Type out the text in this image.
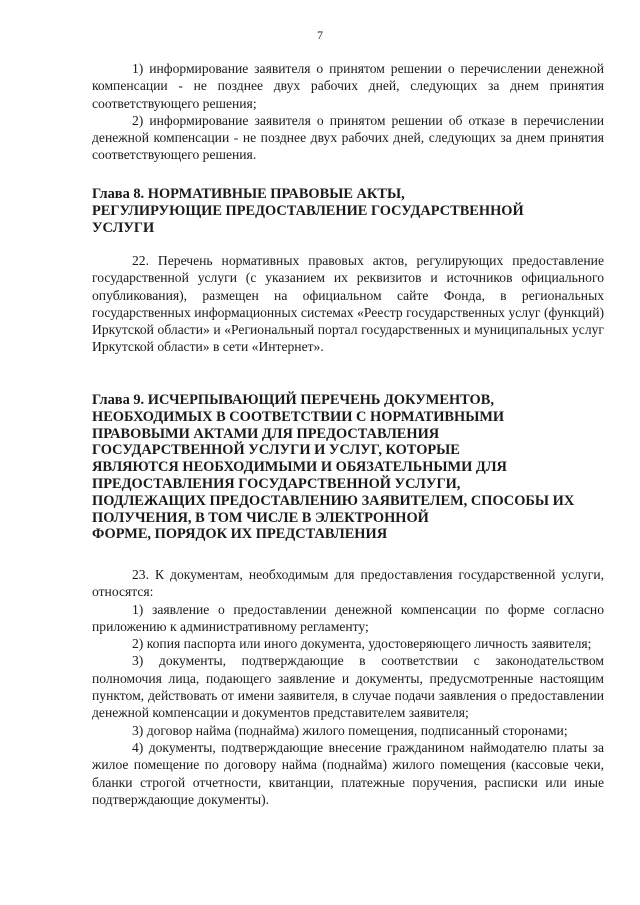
7

1) информирование заявителя о принятом решении о перечислении денежной компенсации - не позднее двух рабочих дней, следующих за днем принятия соответствующего решения;

2) информирование заявителя о принятом решении об отказе в перечислении денежной компенсации - не позднее двух рабочих дней, следующих за днем принятия соответствующего решения.

Глава 8. НОРМАТИВНЫЕ ПРАВОВЫЕ АКТЫ,

РЕГУЛИРУЮЩИЕ ПРЕДОСТАВЛЕНИЕ ГОСУДАРСТВЕННОЙ

УСЛУГИ

22. Перечень нормативных правовых актов, регулирующих предоставление государственной услуги (с указанием их реквизитов и источников официального опубликования), размещен на официальном сайте Фонда, в региональных государственных информационных системах «Реестр государственных услуг (функций) Иркутской области» и «Региональный портал государственных и муниципальных услуг Иркутской области» в сети «Интернет».

Глава 9. ИСЧЕРПЫВАЮЩИЙ ПЕРЕЧЕНЬ ДОКУМЕНТОВ,

НЕОБХОДИМЫХ В СООТВЕТСТВИИ С НОРМАТИВНЫМИ

ПРАВОВЫМИ АКТАМИ ДЛЯ ПРЕДОСТАВЛЕНИЯ

ГОСУДАРСТВЕННОЙ УСЛУГИ И УСЛУГ, КОТОРЫЕ

ЯВЛЯЮТСЯ НЕОБХОДИМЫМИ И ОБЯЗАТЕЛЬНЫМИ ДЛЯ

ПРЕДОСТАВЛЕНИЯ ГОСУДАРСТВЕННОЙ УСЛУГИ,

ПОДЛЕЖАЩИХ ПРЕДОСТАВЛЕНИЮ ЗАЯВИТЕЛЕМ, СПОСОБЫ ИХ

ПОЛУЧЕНИЯ, В ТОМ ЧИСЛЕ В ЭЛЕКТРОННОЙ

ФОРМЕ, ПОРЯДОК ИХ ПРЕДСТАВЛЕНИЯ

23. К документам, необходимым для предоставления государственной услуги, относятся:

1) заявление о предоставлении денежной компенсации по форме согласно приложению к административному регламенту;

2) копия паспорта или иного документа, удостоверяющего личность заявителя;

3) документы, подтверждающие в соответствии с законодательством полномочия лица, подающего заявление и документы, предусмотренные настоящим пунктом, действовать от имени заявителя, в случае подачи заявления о предоставлении денежной компенсации и документов представителем заявителя;

3) договор найма (поднайма) жилого помещения, подписанный сторонами;

4) документы, подтверждающие внесение гражданином наймодателю платы за жилое помещение по договору найма (поднайма) жилого помещения (кассовые чеки, бланки строгой отчетности, квитанции, платежные поручения, расписки или иные подтверждающие документы).
